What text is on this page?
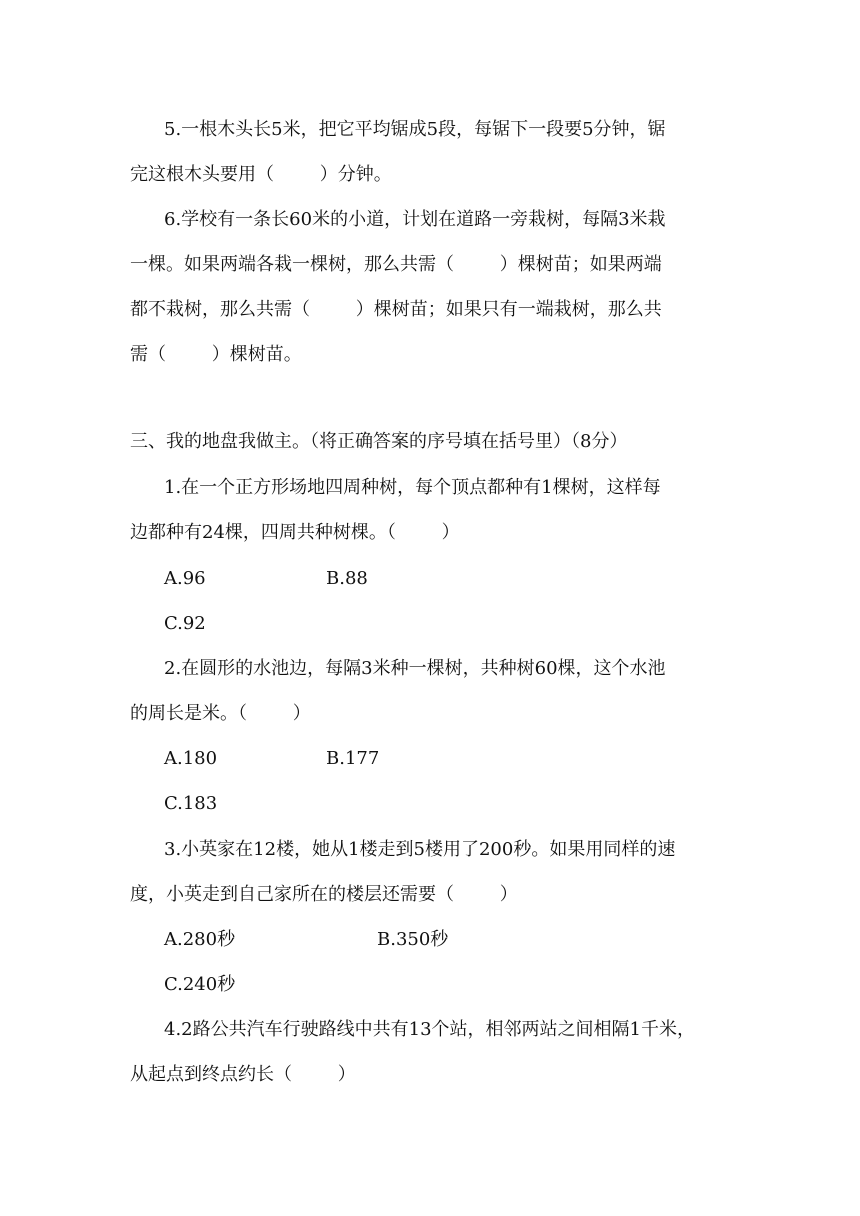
5.一根木头长5米，把它平均锯成5段，每锯下一段要5分钟，锯
完这根木头要用（        ）分钟。
6.学校有一条长60米的小道，计划在道路一旁栽树，每隔3米栽
一棵。如果两端各栽一棵树，那么共需（        ）棵树苗；如果两端
都不栽树，那么共需（        ）棵树苗；如果只有一端栽树，那么共
需（        ）棵树苗。
三、我的地盘我做主。（将正确答案的序号填在括号里）（8分）
1.在一个正方形场地四周种树，每个顶点都种有1棵树，这样每
边都种有24棵，四周共种树棵。（        ）
A.96	B.88
C.92
2.在圆形的水池边，每隔3米种一棵树，共种树60棵，这个水池
的周长是米。（        ）
A.180	B.177
C.183
3.小英家在12楼，她从1楼走到5楼用了200秒。如果用同样的速
度，小英走到自己家所在的楼层还需要（        ）
A.280秒	B.350秒
C.240秒
4.2路公共汽车行驶路线中共有13个站，相邻两站之间相隔1千米，
从起点到终点约长（        ）
